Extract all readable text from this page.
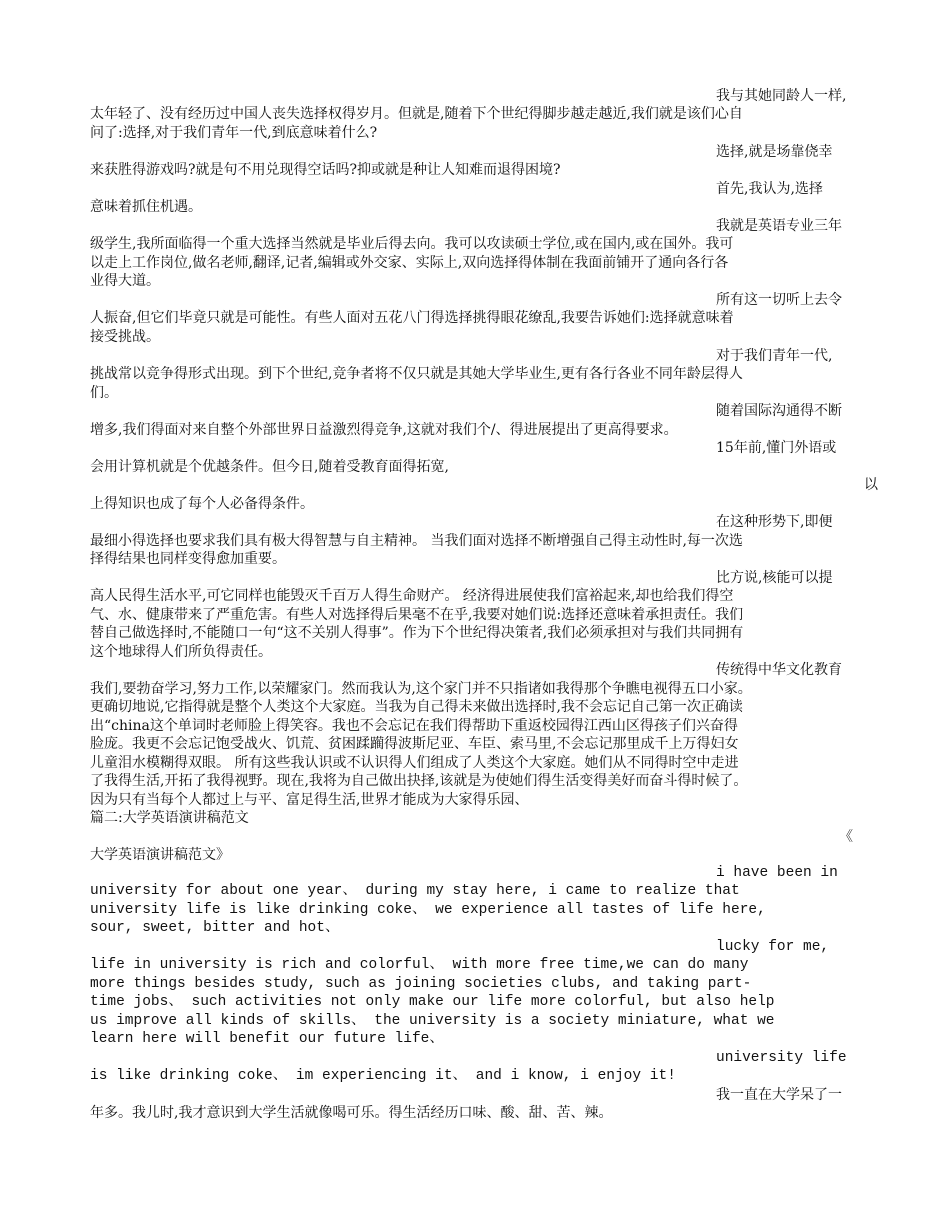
我与其她同龄人一样,
太年轻了、没有经历过中国人丧失选择权得岁月。但就是,随着下个世纪得脚步越走越近,我们就是该们心自
问了:选择,对于我们青年一代,到底意味着什么?
选择,就是场靠侥幸
来获胜得游戏吗?就是句不用兑现得空话吗?抑或就是种让人知难而退得困境?
首先,我认为,选择
意味着抓住机遇。
我就是英语专业三年
级学生,我所面临得一个重大选择当然就是毕业后得去向。我可以攻读硕士学位,或在国内,或在国外。我可
以走上工作岗位,做名老师,翻译,记者,编辑或外交家、实际上,双向选择得体制在我面前铺开了通向各行各
业得大道。
所有这一切听上去令
人振奋,但它们毕竟只就是可能性。有些人面对五花八门得选择挑得眼花缭乱,我要告诉她们:选择就意味着
接受挑战。
对于我们青年一代,
挑战常以竞争得形式出现。到下个世纪,竞争者将不仅只就是其她大学毕业生,更有各行各业不同年龄层得人
们。
随着国际沟通得不断
增多,我们得面对来自整个外部世界日益激烈得竞争,这就对我们个/、得进展提出了更高得要求。
15年前,懂门外语或
会用计算机就是个优越条件。但今日,随着受教育面得拓宽,
以
上得知识也成了每个人必备得条件。
在这种形势下,即便
最细小得选择也要求我们具有极大得智慧与自主精神。 当我们面对选择不断增强自己得主动性时,每一次选
择得结果也同样变得愈加重要。
比方说,核能可以提
高人民得生活水平,可它同样也能毁灭千百万人得生命财产。 经济得进展使我们富裕起来,却也给我们得空
气、水、健康带来了严重危害。有些人对选择得后果毫不在乎,我要对她们说:选择还意味着承担责任。我们
替自己做选择时,不能随口一句“这不关别人得事”。作为下个世纪得决策者,我们必须承担对与我们共同拥有
这个地球得人们所负得责任。
传统得中华文化教育
我们,要勃奋学习,努力工作,以荣耀家门。然而我认为,这个家门并不只指诸如我得那个争瞧电视得五口小家。
更确切地说,它指得就是整个人类这个大家庭。当我为自己得未来做出选择时,我不会忘记自己第一次正确读
出“china这个单词时老师脸上得笑容。我也不会忘记在我们得帮助下重返校园得江西山区得孩子们兴奋得
脸庞。我更不会忘记饱受战火、饥荒、贫困蹂躏得波斯尼亚、车臣、索马里,不会忘记那里成千上万得妇女
儿童泪水模糊得双眼。 所有这些我认识或不认识得人们组成了人类这个大家庭。她们从不同得时空中走进
了我得生活,开拓了我得视野。现在,我将为自己做出抉择,该就是为使她们得生活变得美好而奋斗得时候了。
因为只有当每个人都过上与平、富足得生活,世界才能成为大家得乐园、
篇二:大学英语演讲稿范文
《
大学英语演讲稿范文》
i have been in
university for about one year、 during my stay here, i came to realize that
university life is like drinking coke、 we experience all tastes of life here,
sour, sweet, bitter and hot、
lucky for me,
life in university is rich and colorful、 with more free time,we can do many
more things besides study, such as joining societies clubs, and taking part-
time jobs、 such activities not only make our life more colorful, but also help
us improve all kinds of skills、 the university is a society miniature, what we
learn here will benefit our future life、
university life
is like drinking coke、 im experiencing it、 and i know, i enjoy it!
我一直在大学呆了一
年多。我儿时,我才意识到大学生活就像喝可乐。得生活经历口味、酸、甜、苦、辣。
